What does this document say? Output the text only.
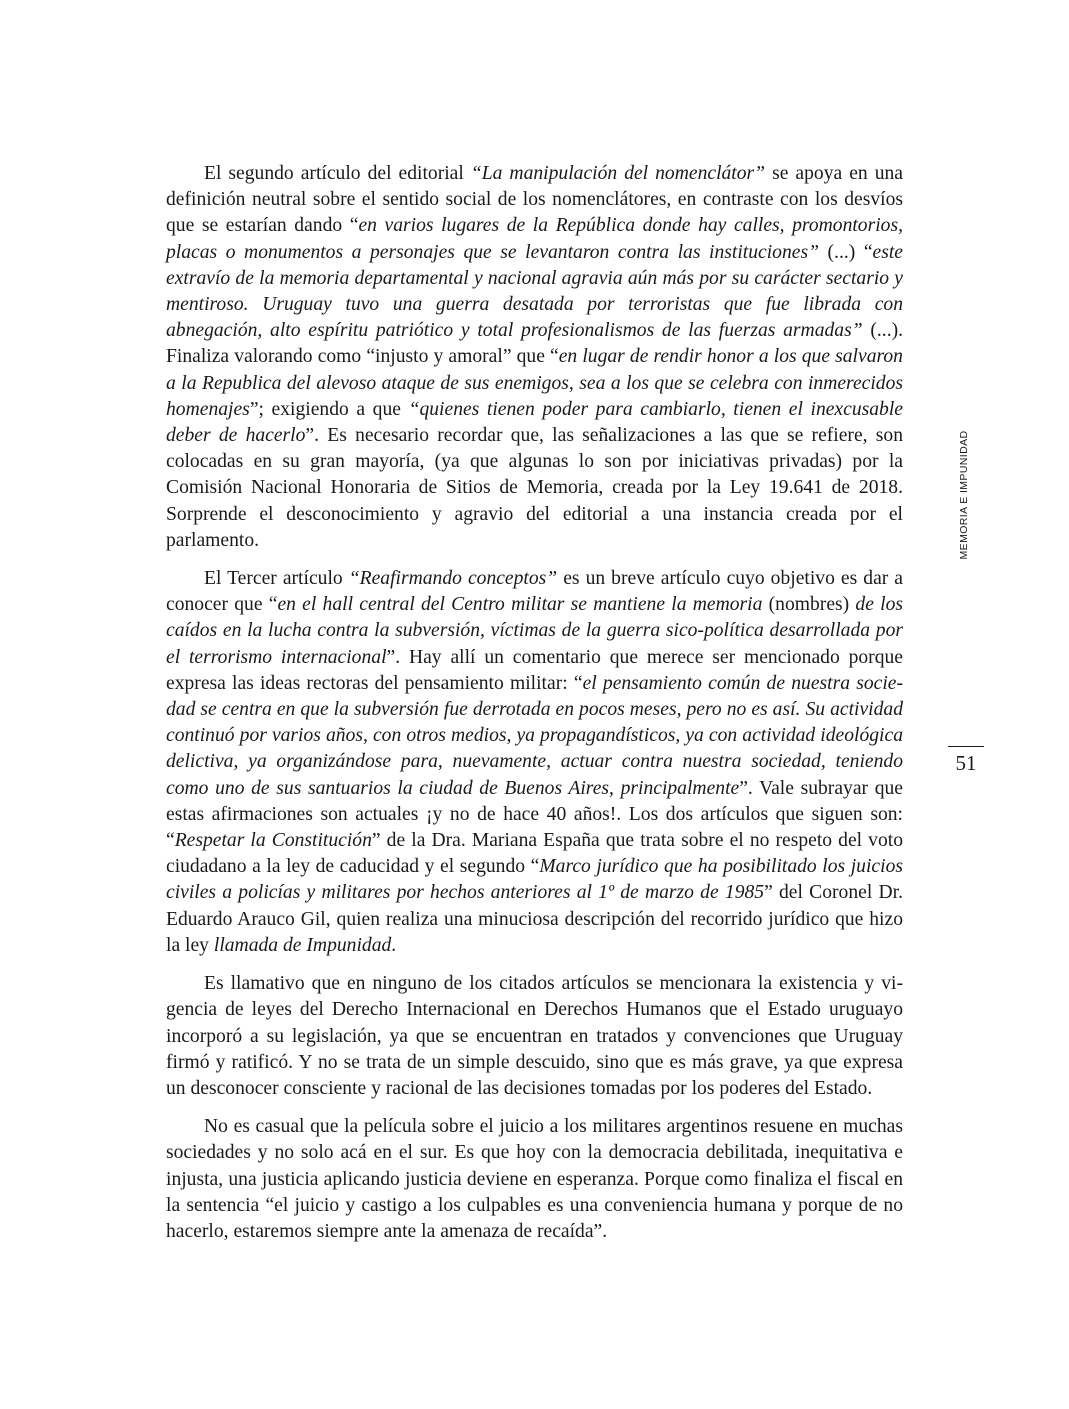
El segundo artículo del editorial “La manipulación del nomenclátor” se apoya en una definición neutral sobre el sentido social de los nomenclátores, en contraste con los desvíos que se estarían dando “en varios lugares de la República donde hay calles, promontorios, placas o monumentos a personajes que se levantaron contra las instituciones” (...) “este extravío de la memoria departamental y nacional agravia aún más por su carácter sectario y mentiroso. Uruguay tuvo una guerra desatada por terroristas que fue librada con abnegación, alto espíritu patriótico y total profesionalismos de las fuerzas armadas” (...). Finaliza valorando como “injusto y amoral” que “en lugar de rendir honor a los que salvaron a la Republica del alevoso ataque de sus enemigos, sea a los que se celebra con inmerecidos homenajes”; exigiendo a que “quienes tienen poder para cambiarlo, tienen el inexcusable deber de hacerlo”. Es necesario recordar que, las señalizaciones a las que se refiere, son colocadas en su gran mayoría, (ya que algunas lo son por iniciativas privadas) por la Comisión Nacional Honoraria de Sitios de Memoria, creada por la Ley 19.641 de 2018. Sorprende el desconocimiento y agravio del editorial a una instancia creada por el parlamento.

El Tercer artículo “Reafirmando conceptos” es un breve artículo cuyo objetivo es dar a conocer que “en el hall central del Centro militar se mantiene la memoria (nombres) de los caídos en la lucha contra la subversión, víctimas de la guerra sico-política desarrollada por el terrorismo internacional”. Hay allí un comentario que merece ser mencionado porque expresa las ideas rectoras del pensamiento militar: “el pensamiento común de nuestra sociedad se centra en que la subversión fue derrotada en pocos meses, pero no es así. Su actividad continuó por varios años, con otros medios, ya propagandísticos, ya con actividad ideológica delictiva, ya organizándose para, nuevamente, actuar contra nuestra sociedad, teniendo como uno de sus santuarios la ciudad de Buenos Aires, principalmente”. Vale subrayar que estas afirmaciones son actuales ¡y no de hace 40 años!. Los dos artículos que siguen son: “Respetar la Constitución” de la Dra. Mariana España que trata sobre el no respeto del voto ciudadano a la ley de caducidad y el segundo “Marco jurídico que ha posibilitado los juicios civiles a policías y militares por hechos anteriores al 1º de marzo de 1985” del Coronel Dr. Eduardo Arauco Gil, quien realiza una minuciosa descripción del recorrido jurídico que hizo la ley llamada de Impunidad.

Es llamativo que en ninguno de los citados artículos se mencionara la existencia y vigencia de leyes del Derecho Internacional en Derechos Humanos que el Estado uruguayo incorporó a su legislación, ya que se encuentran en tratados y convenciones que Uruguay firmó y ratificó. Y no se trata de un simple descuido, sino que es más grave, ya que expresa un desconocer consciente y racional de las decisiones tomadas por los poderes del Estado.

No es casual que la película sobre el juicio a los militares argentinos resuene en muchas sociedades y no solo acá en el sur. Es que hoy con la democracia debilitada, inequitativa e injusta, una justicia aplicando justicia deviene en esperanza. Porque como finaliza el fiscal en la sentencia “el juicio y castigo a los culpables es una conveniencia humana y porque de no hacerlo, estaremos siempre ante la amenaza de recaída”.

MEMORIA E IMPUNIDAD
51
